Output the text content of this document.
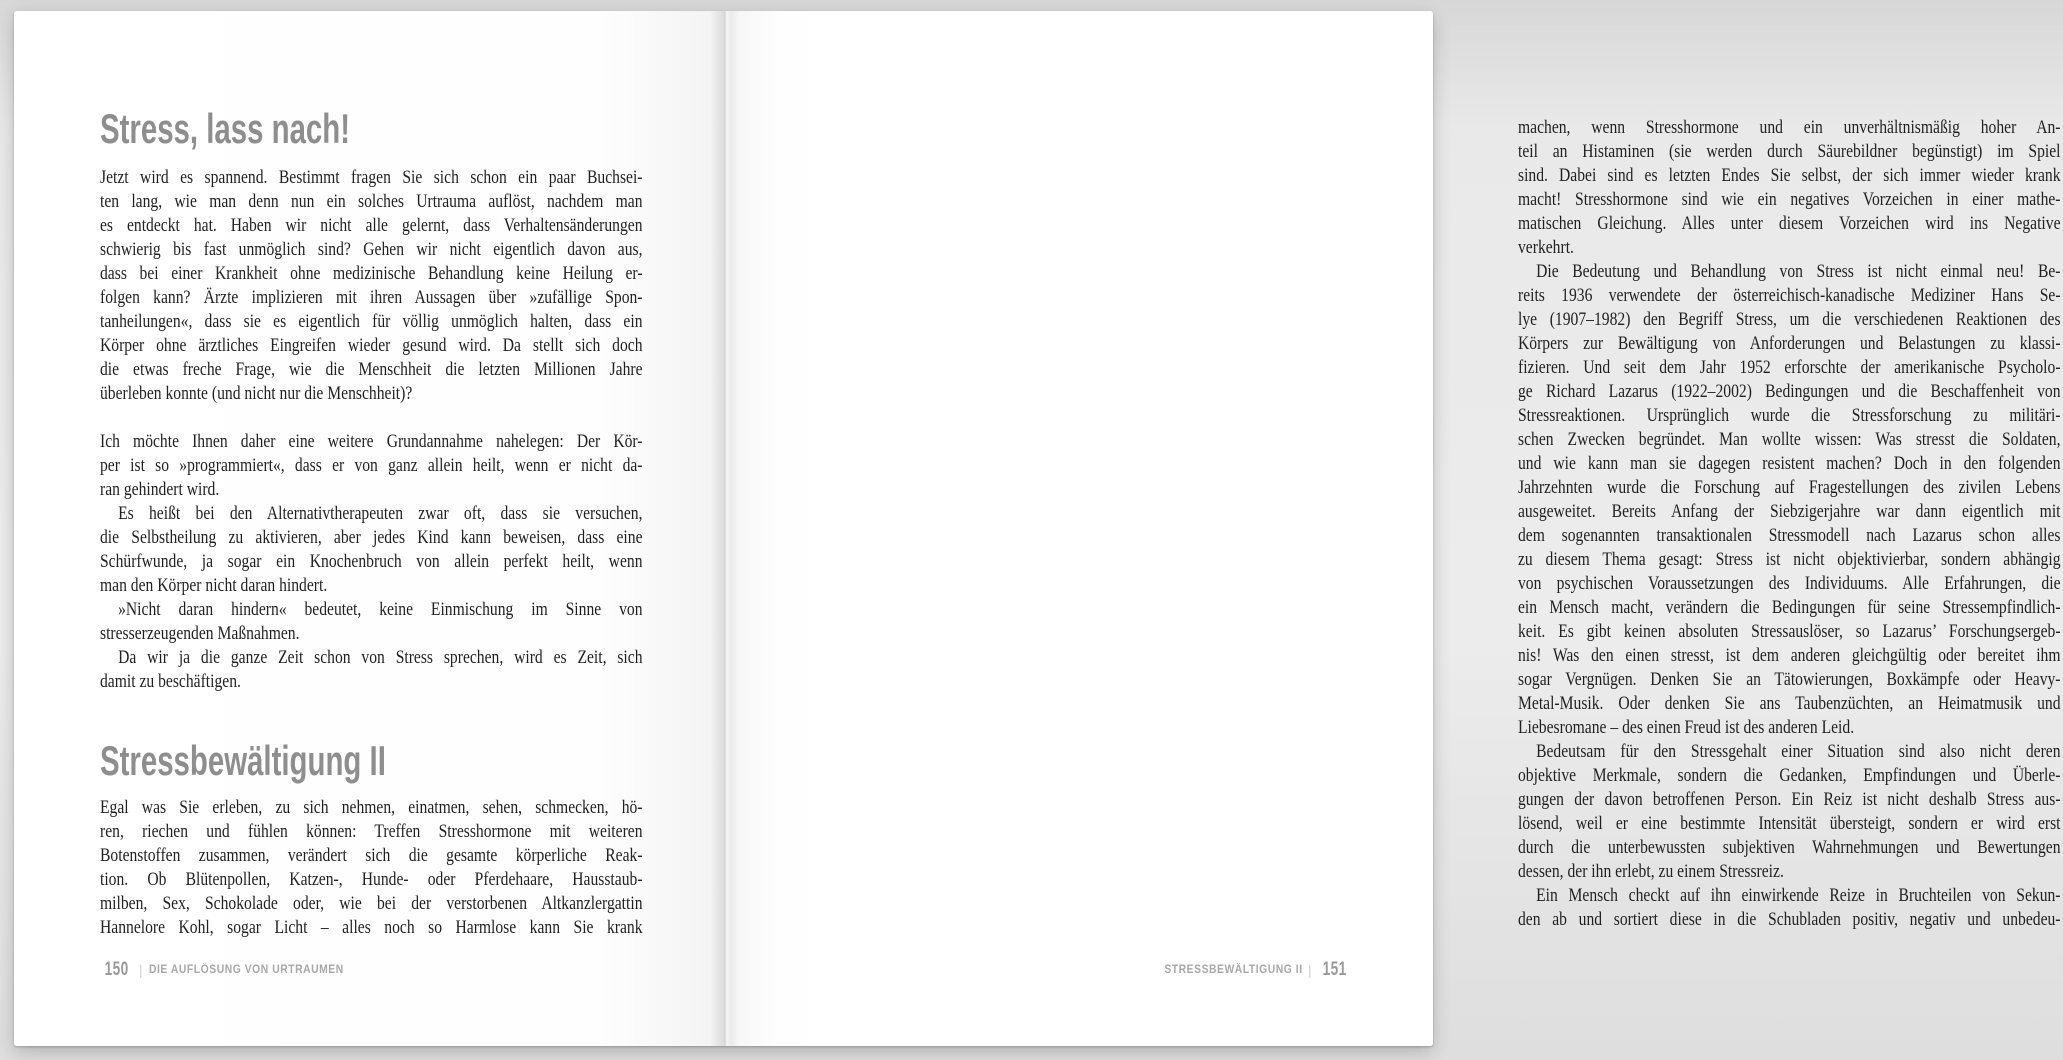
Stress, lass nach!
Jetzt wird es spannend. Bestimmt fragen Sie sich schon ein paar Buchsei-
ten lang, wie man denn nun ein solches Urtrauma auflöst, nachdem man
es entdeckt hat. Haben wir nicht alle gelernt, dass Verhaltensänderungen
schwierig bis fast unmöglich sind? Gehen wir nicht eigentlich davon aus,
dass bei einer Krankheit ohne medizinische Behandlung keine Heilung er-
folgen kann? Ärzte implizieren mit ihren Aussagen über »zufällige Spon-
tanheilungen«, dass sie es eigentlich für völlig unmöglich halten, dass ein
Körper ohne ärztliches Eingreifen wieder gesund wird. Da stellt sich doch
die etwas freche Frage, wie die Menschheit die letzten Millionen Jahre
überleben konnte (und nicht nur die Menschheit)?
Ich möchte Ihnen daher eine weitere Grundannahme nahelegen: Der Kör-
per ist so »programmiert«, dass er von ganz allein heilt, wenn er nicht da-
ran gehindert wird.
Es heißt bei den Alternativtherapeuten zwar oft, dass sie versuchen,
die Selbstheilung zu aktivieren, aber jedes Kind kann beweisen, dass eine
Schürfwunde, ja sogar ein Knochenbruch von allein perfekt heilt, wenn
man den Körper nicht daran hindert.
»Nicht daran hindern« bedeutet, keine Einmischung im Sinne von
stresserzeugenden Maßnahmen.
Da wir ja die ganze Zeit schon von Stress sprechen, wird es Zeit, sich
damit zu beschäftigen.
Stressbewältigung II
Egal was Sie erleben, zu sich nehmen, einatmen, sehen, schmecken, hö-
ren, riechen und fühlen können: Treffen Stresshormone mit weiteren
Botenstoffen zusammen, verändert sich die gesamte körperliche Reak-
tion. Ob Blütenpollen, Katzen-, Hunde- oder Pferdehaare, Hausstaub-
milben, Sex, Schokolade oder, wie bei der verstorbenen Altkanzlergattin
Hannelore Kohl, sogar Licht – alles noch so Harmlose kann Sie krank
150 | DIE AUFLÖSUNG VON URTRAUMEN
machen, wenn Stresshormone und ein unverhältnismäßig hoher An-
teil an Histaminen (sie werden durch Säurebildner begünstigt) im Spiel
sind. Dabei sind es letzten Endes Sie selbst, der sich immer wieder krank
macht! Stresshormone sind wie ein negatives Vorzeichen in einer mathe-
matischen Gleichung. Alles unter diesem Vorzeichen wird ins Negative
verkehrt.
Die Bedeutung und Behandlung von Stress ist nicht einmal neu! Be-
reits 1936 verwendete der österreichisch-kanadische Mediziner Hans Se-
lye (1907–1982) den Begriff Stress, um die verschiedenen Reaktionen des
Körpers zur Bewältigung von Anforderungen und Belastungen zu klassi-
fizieren. Und seit dem Jahr 1952 erforschte der amerikanische Psycholo-
ge Richard Lazarus (1922–2002) Bedingungen und die Beschaffenheit von
Stressreaktionen. Ursprünglich wurde die Stressforschung zu militäri-
schen Zwecken begründet. Man wollte wissen: Was stresst die Soldaten,
und wie kann man sie dagegen resistent machen? Doch in den folgenden
Jahrzehnten wurde die Forschung auf Fragestellungen des zivilen Lebens
ausgeweitet. Bereits Anfang der Siebzigerjahre war dann eigentlich mit
dem sogenannten transaktionalen Stressmodell nach Lazarus schon alles
zu diesem Thema gesagt: Stress ist nicht objektivierbar, sondern abhängig
von psychischen Voraussetzungen des Individuums. Alle Erfahrungen, die
ein Mensch macht, verändern die Bedingungen für seine Stressempfindlich-
keit. Es gibt keinen absoluten Stressauslöser, so Lazarus’ Forschungsergeb-
nis! Was den einen stresst, ist dem anderen gleichgültig oder bereitet ihm
sogar Vergnügen. Denken Sie an Tätowierungen, Boxkämpfe oder Heavy-
Metal-Musik. Oder denken Sie ans Taubenzüchten, an Heimatmusik und
Liebesromane – des einen Freud ist des anderen Leid.
Bedeutsam für den Stressgehalt einer Situation sind also nicht deren
objektive Merkmale, sondern die Gedanken, Empfindungen und Überle-
gungen der davon betroffenen Person. Ein Reiz ist nicht deshalb Stress aus-
lösend, weil er eine bestimmte Intensität übersteigt, sondern er wird erst
durch die unterbewussten subjektiven Wahrnehmungen und Bewertungen
dessen, der ihn erlebt, zu einem Stressreiz.
Ein Mensch checkt auf ihn einwirkende Reize in Bruchteilen von Sekun-
den ab und sortiert diese in die Schubladen positiv, negativ und unbedeu-
STRESSBEWÄLTIGUNG II | 151
